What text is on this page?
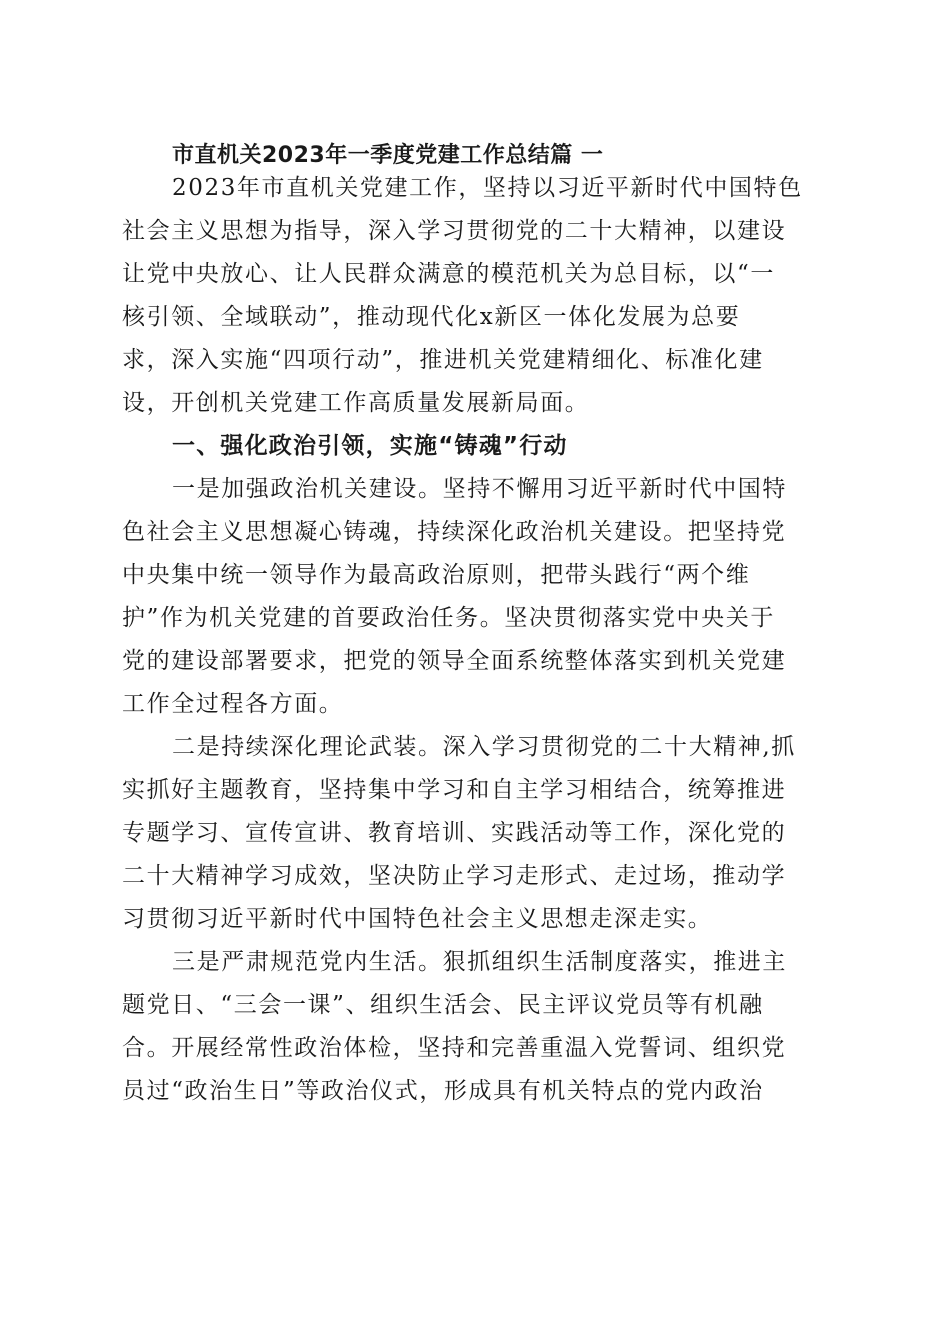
市直机关2023年一季度党建工作总结篇 一
2023年市直机关党建工作，坚持以习近平新时代中国特色
社会主义思想为指导，深入学习贯彻党的二十大精神，以建设
让党中央放心、让人民群众满意的模范机关为总目标，以“一
核引领、全域联动”，推动现代化x新区一体化发展为总要
求，深入实施“四项行动”，推进机关党建精细化、标准化建
设，开创机关党建工作高质量发展新局面。
一、强化政治引领，实施“铸魂”行动
一是加强政治机关建设。坚持不懈用习近平新时代中国特
色社会主义思想凝心铸魂，持续深化政治机关建设。把坚持党
中央集中统一领导作为最高政治原则，把带头践行“两个维
护”作为机关党建的首要政治任务。坚决贯彻落实党中央关于
党的建设部署要求，把党的领导全面系统整体落实到机关党建
工作全过程各方面。
二是持续深化理论武装。深入学习贯彻党的二十大精神,抓
实抓好主题教育，坚持集中学习和自主学习相结合，统筹推进
专题学习、宣传宣讲、教育培训、实践活动等工作，深化党的
二十大精神学习成效，坚决防止学习走形式、走过场，推动学
习贯彻习近平新时代中国特色社会主义思想走深走实。
三是严肃规范党内生活。狠抓组织生活制度落实，推进主
题党日、“三会一课”、组织生活会、民主评议党员等有机融
合。开展经常性政治体检，坚持和完善重温入党誓词、组织党
员过“政治生日”等政治仪式，形成具有机关特点的党内政治
